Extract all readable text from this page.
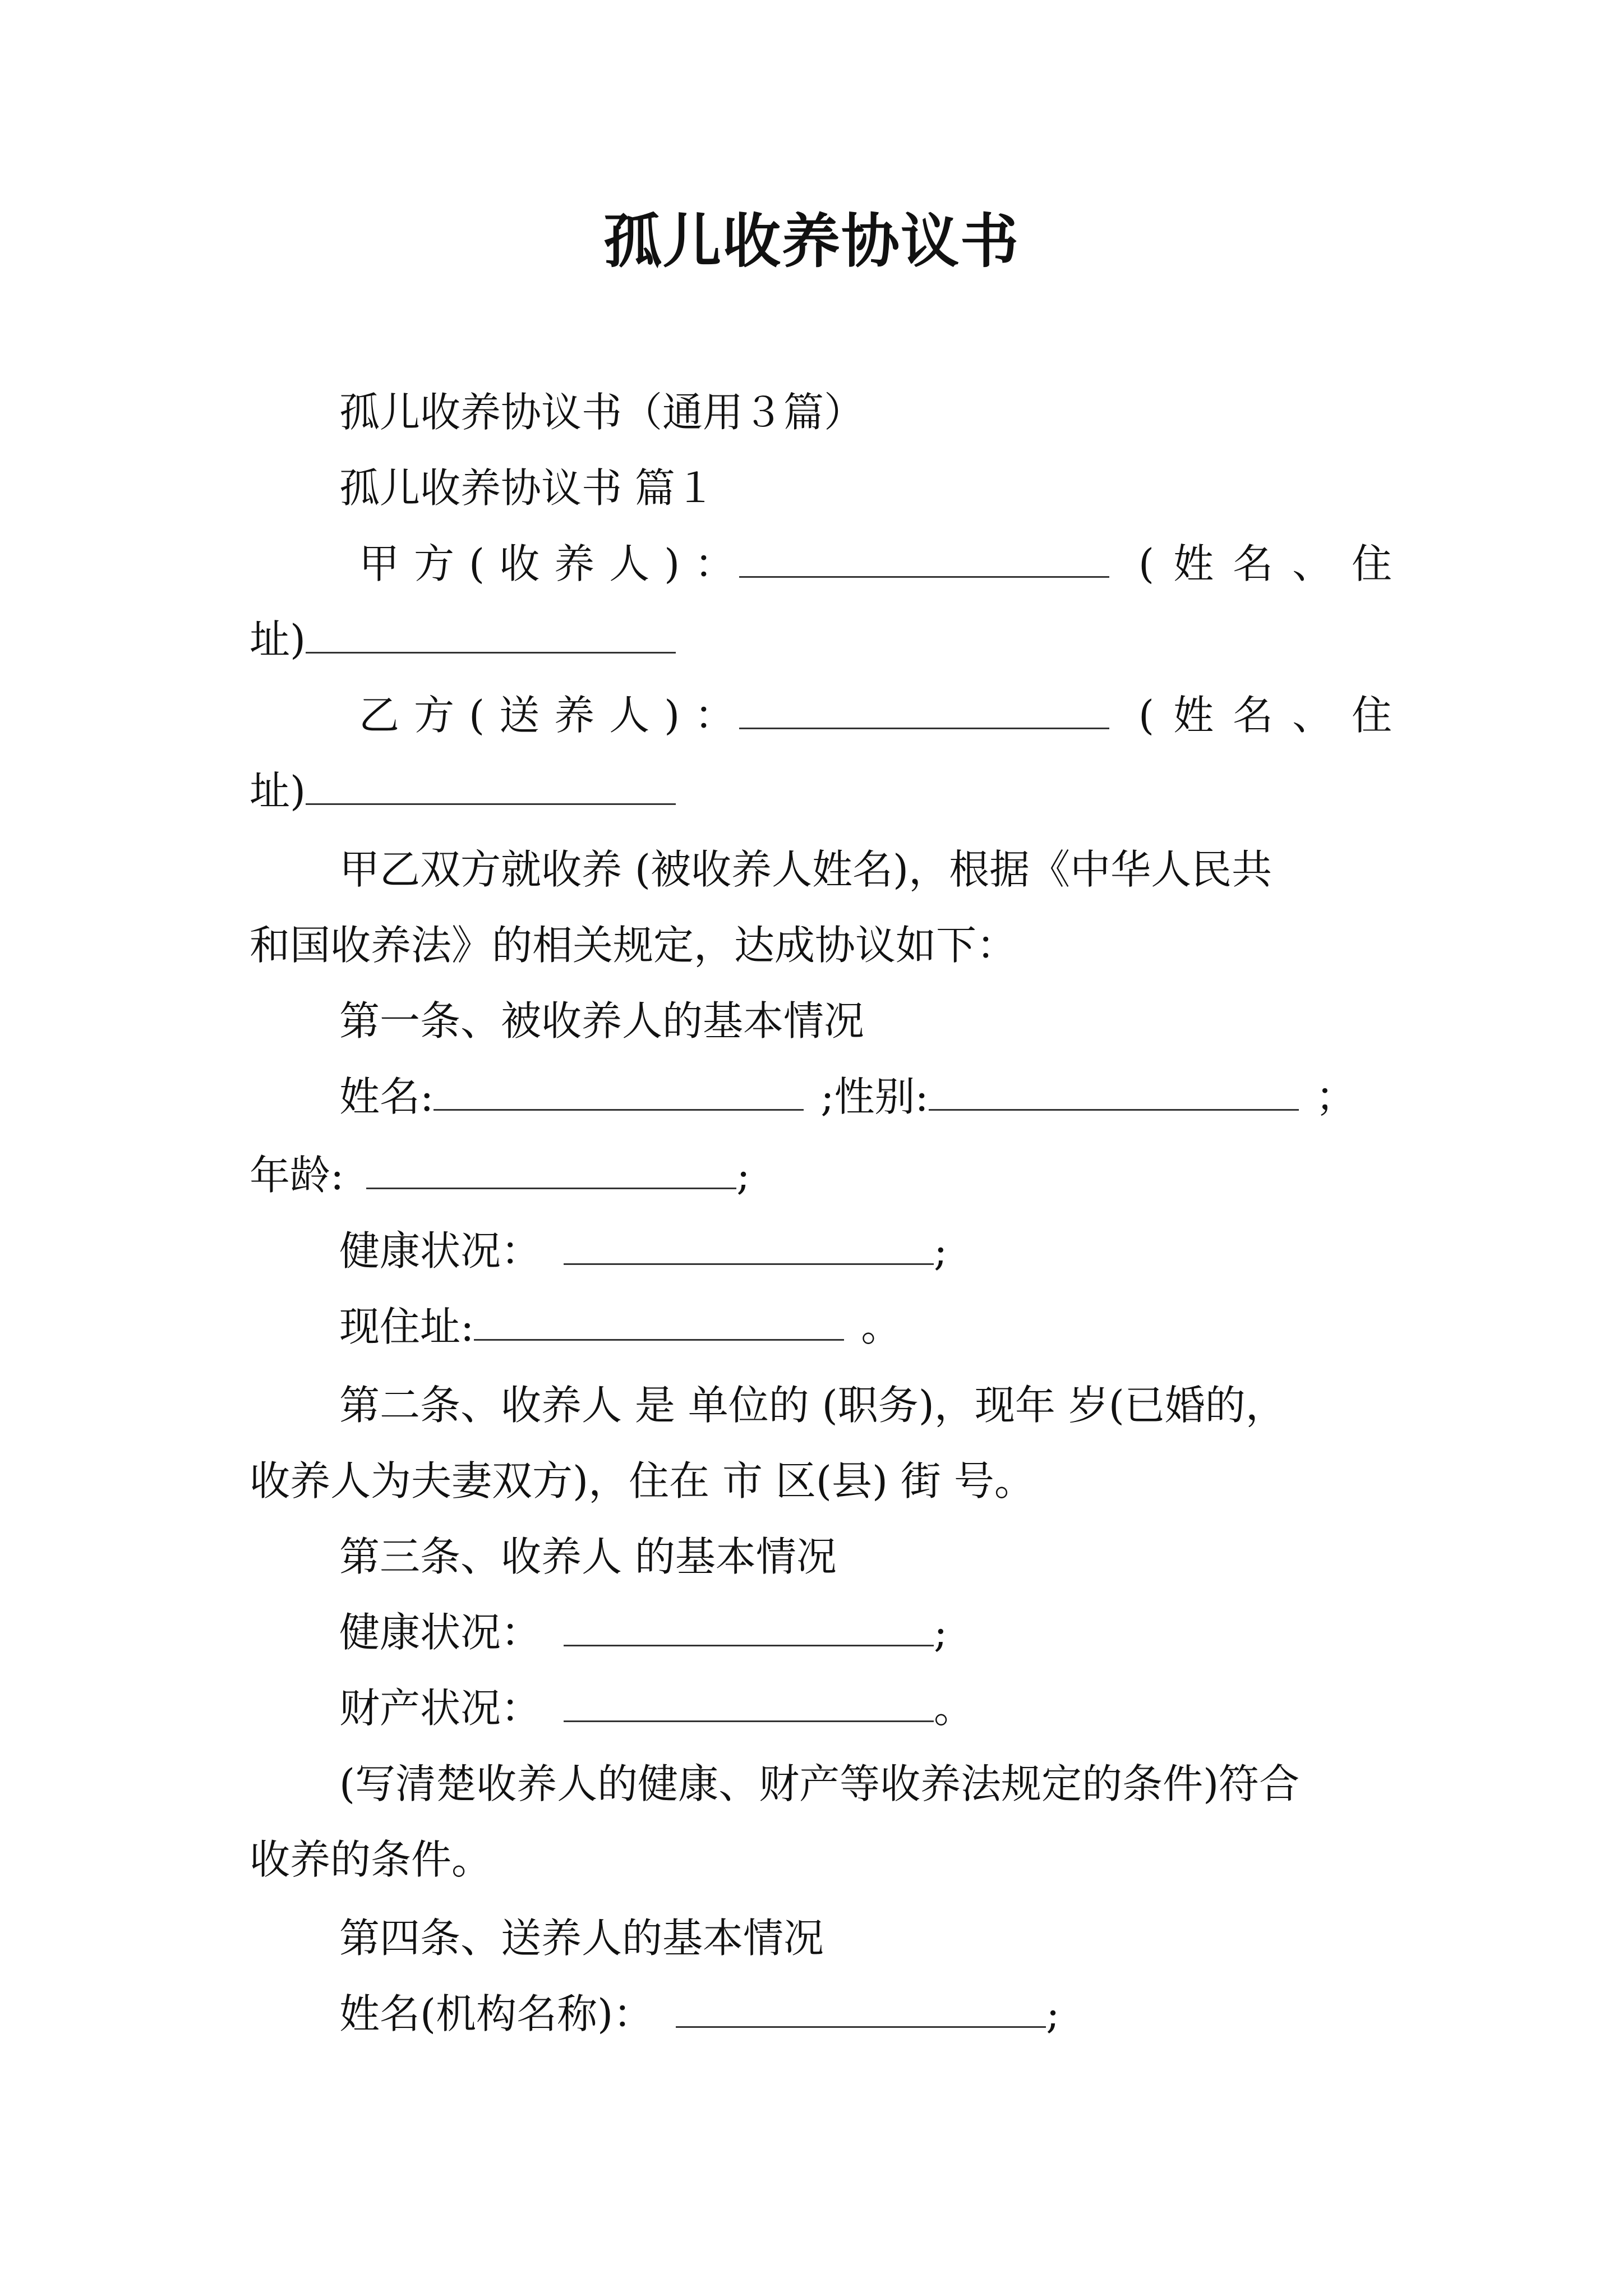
孤儿收养协议书
孤儿收养协议书（通用３篇）
孤儿收养协议书 篇１
甲方(收养人)：	(姓名、住
址)
乙方(送养人)：	(姓名、住
址)
甲乙双方就收养 (被收养人姓名)，根据《中华人民共
和国收养法》的相关规定，达成协议如下：
第一条、被收养人的基本情况
姓名:	;性别:	；
年龄:	;
健康状况：	;
现住址:	。
第二条、收养人 是 单位的 (职务)，现年 岁(已婚的，
收养人为夫妻双方)，住在 市 区(县) 街 号。
第三条、收养人 的基本情况
健康状况：	;
财产状况：	。
(写清楚收养人的健康、财产等收养法规定的条件)符合
收养的条件。
第四条、送养人的基本情况
姓名(机构名称)：	;
